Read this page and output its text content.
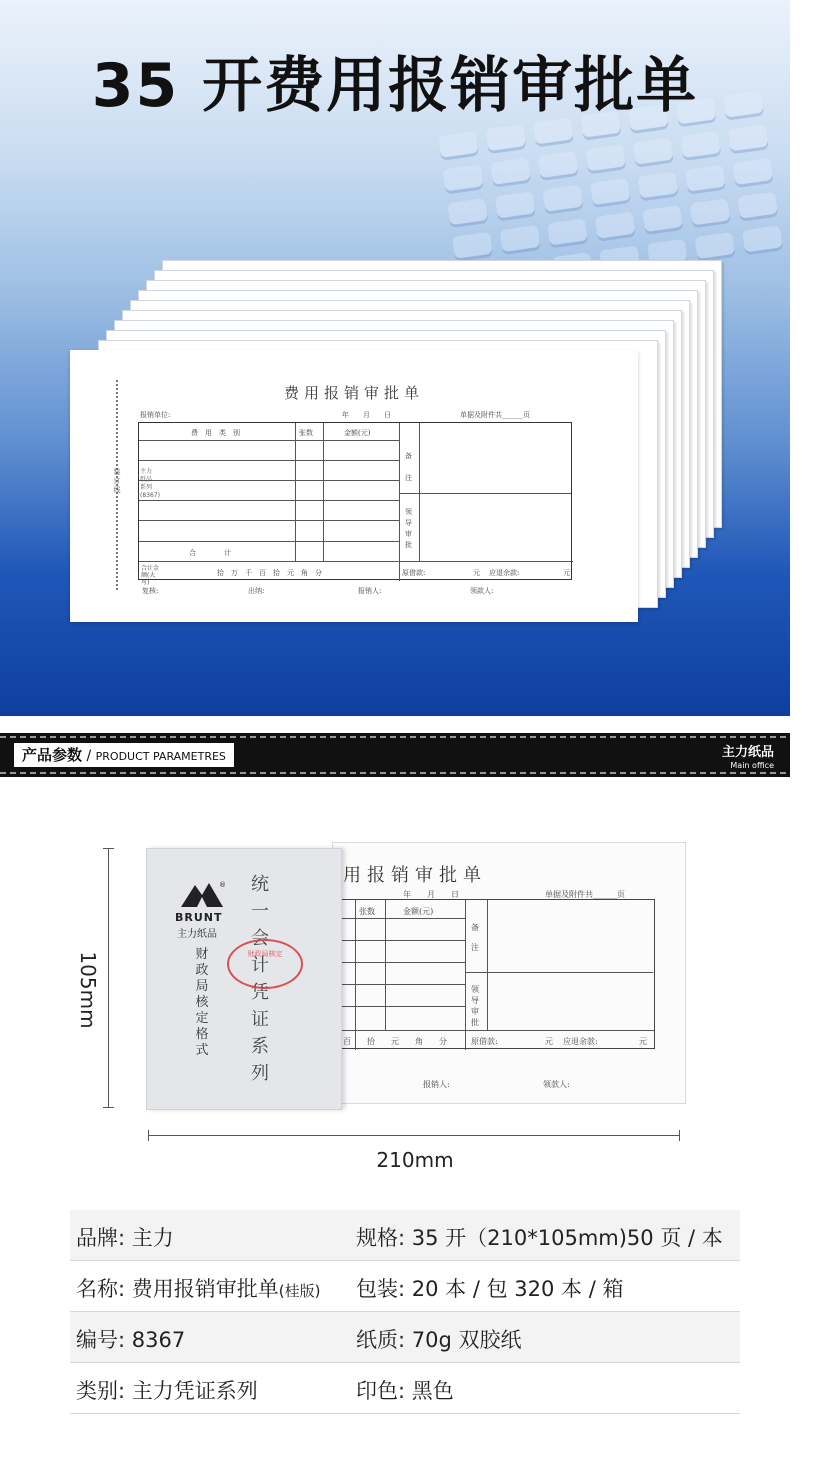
35 开费用报销审批单
费用报销审批单
装　订　线
主力 系列(8367)
报销单位:	年　　月　　日	单据及附件共______页
费　用　类　别	张数	金额(元)
备　注
领导审批
合　　　　计
合计金额(大写)
拾　万　千　百　拾　元　角　分	原借款:	元 应退余款:	元
复核:	出纳:	报销人:	领款人:
产品参数 / PRODUCT PARAMETRES	主力纸品
Main office
105mm
210mm
用报销审批单
年　　月　　日	单据及附件共______页
张数	金额(元)
备　注
领导审批
百　　拾　　元　　角　　分	原借款:	元 应退余款:	元
报销人:	领款人:
®
BRUNT
主力纸品
财政局核定格式
统一会计凭证系列
财政局核定
品牌: 主力	规格: 35 开（210*105mm)50 页 / 本
名称: 费用报销审批单(桂版) 包装: 20 本 / 包 320 本 / 箱
编号: 8367	纸质: 70g 双胶纸
类别: 主力凭证系列	印色: 黑色
